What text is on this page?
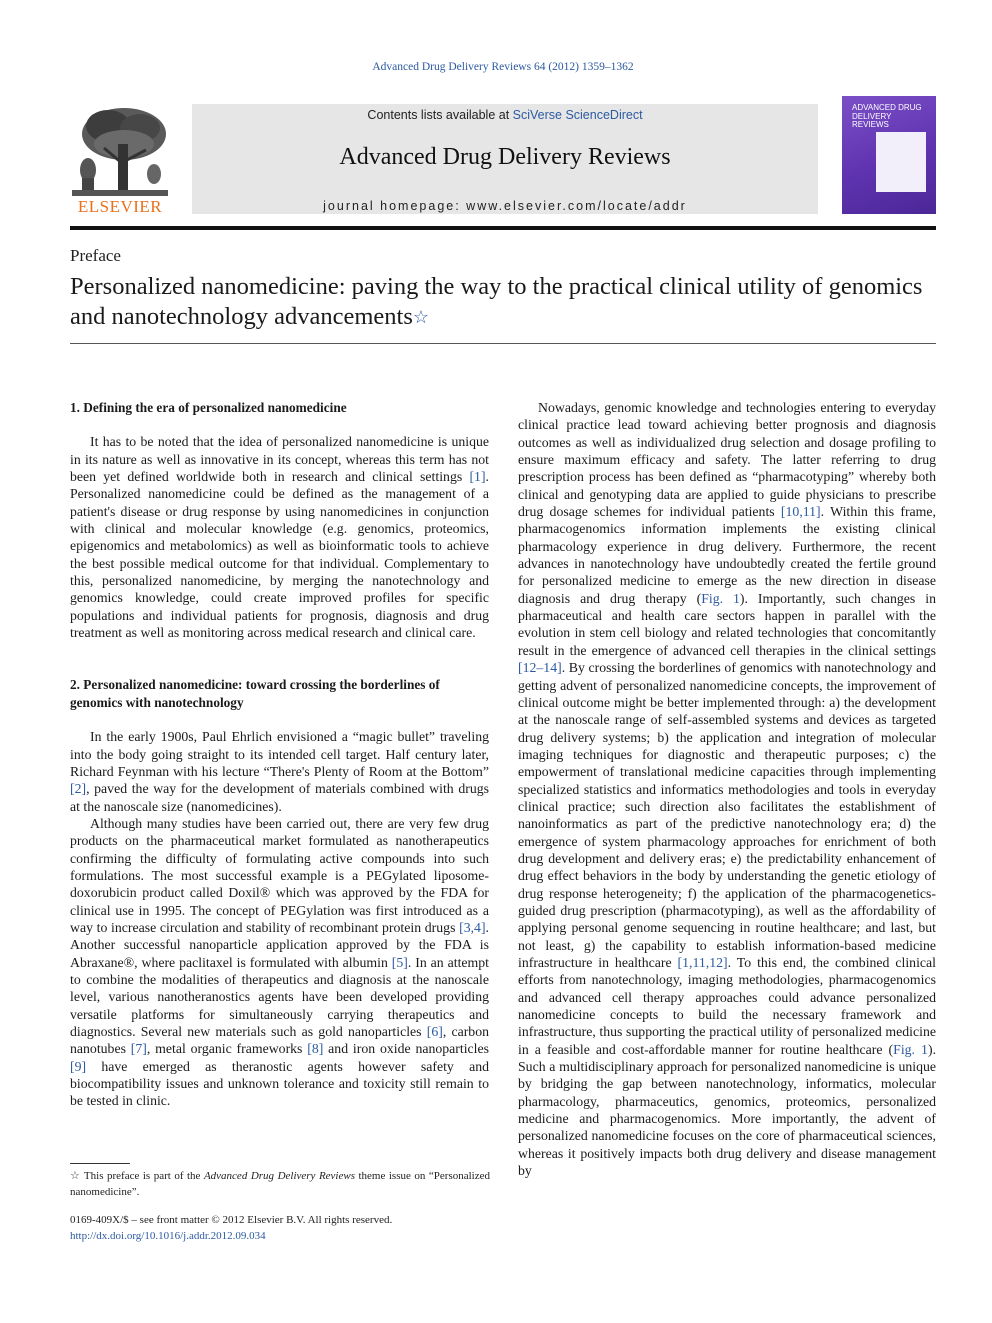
Advanced Drug Delivery Reviews 64 (2012) 1359–1362
ELSEVIER
Contents lists available at SciVerse ScienceDirect
Advanced Drug Delivery Reviews
journal homepage: www.elsevier.com/locate/addr
ADVANCED DRUG DELIVERY REVIEWS
Preface
Personalized nanomedicine: paving the way to the practical clinical utility of genomics and nanotechnology advancements☆
1. Defining the era of personalized nanomedicine

It has to be noted that the idea of personalized nanomedicine is unique in its nature as well as innovative in its concept, whereas this term has not been yet defined worldwide both in research and clinical settings [1]. Personalized nanomedicine could be defined as the management of a patient's disease or drug response by using nanomedicines in conjunction with clinical and molecular knowledge (e.g. genomics, proteomics, epigenomics and metabolomics) as well as bioinformatic tools to achieve the best possible medical outcome for that individual. Complementary to this, personalized nanomedicine, by merging the nanotechnology and genomics knowledge, could create improved profiles for specific populations and individual patients for prognosis, diagnosis and drug treatment as well as monitoring across medical research and clinical care.

2. Personalized nanomedicine: toward crossing the borderlines of genomics with nanotechnology

In the early 1900s, Paul Ehrlich envisioned a “magic bullet” traveling into the body going straight to its intended cell target. Half century later, Richard Feynman with his lecture “There's Plenty of Room at the Bottom” [2], paved the way for the development of materials combined with drugs at the nanoscale size (nanomedicines).

Although many studies have been carried out, there are very few drug products on the pharmaceutical market formulated as nanotherapeutics confirming the difficulty of formulating active compounds into such formulations. The most successful example is a PEGylated liposome-doxorubicin product called Doxil® which was approved by the FDA for clinical use in 1995. The concept of PEGylation was first introduced as a way to increase circulation and stability of recombinant protein drugs [3,4]. Another successful nanoparticle application approved by the FDA is Abraxane®, where paclitaxel is formulated with albumin [5]. In an attempt to combine the modalities of therapeutics and diagnosis at the nanoscale level, various nanotheranostics agents have been developed providing versatile platforms for simultaneously carrying therapeutics and diagnostics. Several new materials such as gold nanoparticles [6], carbon nanotubes [7], metal organic frameworks [8] and iron oxide nanoparticles [9] have emerged as theranostic agents however safety and biocompatibility issues and unknown tolerance and toxicity still remain to be tested in clinic.

Nowadays, genomic knowledge and technologies entering to everyday clinical practice lead toward achieving better prognosis and diagnosis outcomes as well as individualized drug selection and dosage profiling to ensure maximum efficacy and safety. The latter referring to drug prescription process has been defined as “pharmacotyping” whereby both clinical and genotyping data are applied to guide physicians to prescribe drug dosage schemes for individual patients [10,11]. Within this frame, pharmacogenomics information implements the existing clinical pharmacology experience in drug delivery. Furthermore, the recent advances in nanotechnology have undoubtedly created the fertile ground for personalized medicine to emerge as the new direction in disease diagnosis and drug therapy (Fig. 1). Importantly, such changes in pharmaceutical and health care sectors happen in parallel with the evolution in stem cell biology and related technologies that concomitantly result in the emergence of advanced cell therapies in the clinical settings [12–14]. By crossing the borderlines of genomics with nanotechnology and getting advent of personalized nanomedicine concepts, the improvement of clinical outcome might be better implemented through: a) the development at the nanoscale range of self-assembled systems and devices as targeted drug delivery systems; b) the application and integration of molecular imaging techniques for diagnostic and therapeutic purposes; c) the empowerment of translational medicine capacities through implementing specialized statistics and informatics methodologies and tools in everyday clinical practice; such direction also facilitates the establishment of nanoinformatics as part of the predictive nanotechnology era; d) the emergence of system pharmacology approaches for enrichment of both drug development and delivery eras; e) the predictability enhancement of drug effect behaviors in the body by understanding the genetic etiology of drug response heterogeneity; f) the application of the pharmacogenetics-guided drug prescription (pharmacotyping), as well as the affordability of applying personal genome sequencing in routine healthcare; and last, but not least, g) the capability to establish information-based medicine infrastructure in healthcare [1,11,12]. To this end, the combined clinical efforts from nanotechnology, imaging methodologies, pharmacogenomics and advanced cell therapy approaches could advance personalized nanomedicine concepts to build the necessary framework and infrastructure, thus supporting the practical utility of personalized medicine in a feasible and cost-affordable manner for routine healthcare (Fig. 1). Such a multidisciplinary approach for personalized nanomedicine is unique by bridging the gap between nanotechnology, informatics, molecular pharmacology, pharmaceutics, genomics, proteomics, personalized medicine and pharmacogenomics. More importantly, the advent of personalized nanomedicine focuses on the core of pharmaceutical sciences, whereas it positively impacts both drug delivery and disease management by

☆ This preface is part of the Advanced Drug Delivery Reviews theme issue on “Personalized nanomedicine”.
0169-409X/$ – see front matter © 2012 Elsevier B.V. All rights reserved.
http://dx.doi.org/10.1016/j.addr.2012.09.034
